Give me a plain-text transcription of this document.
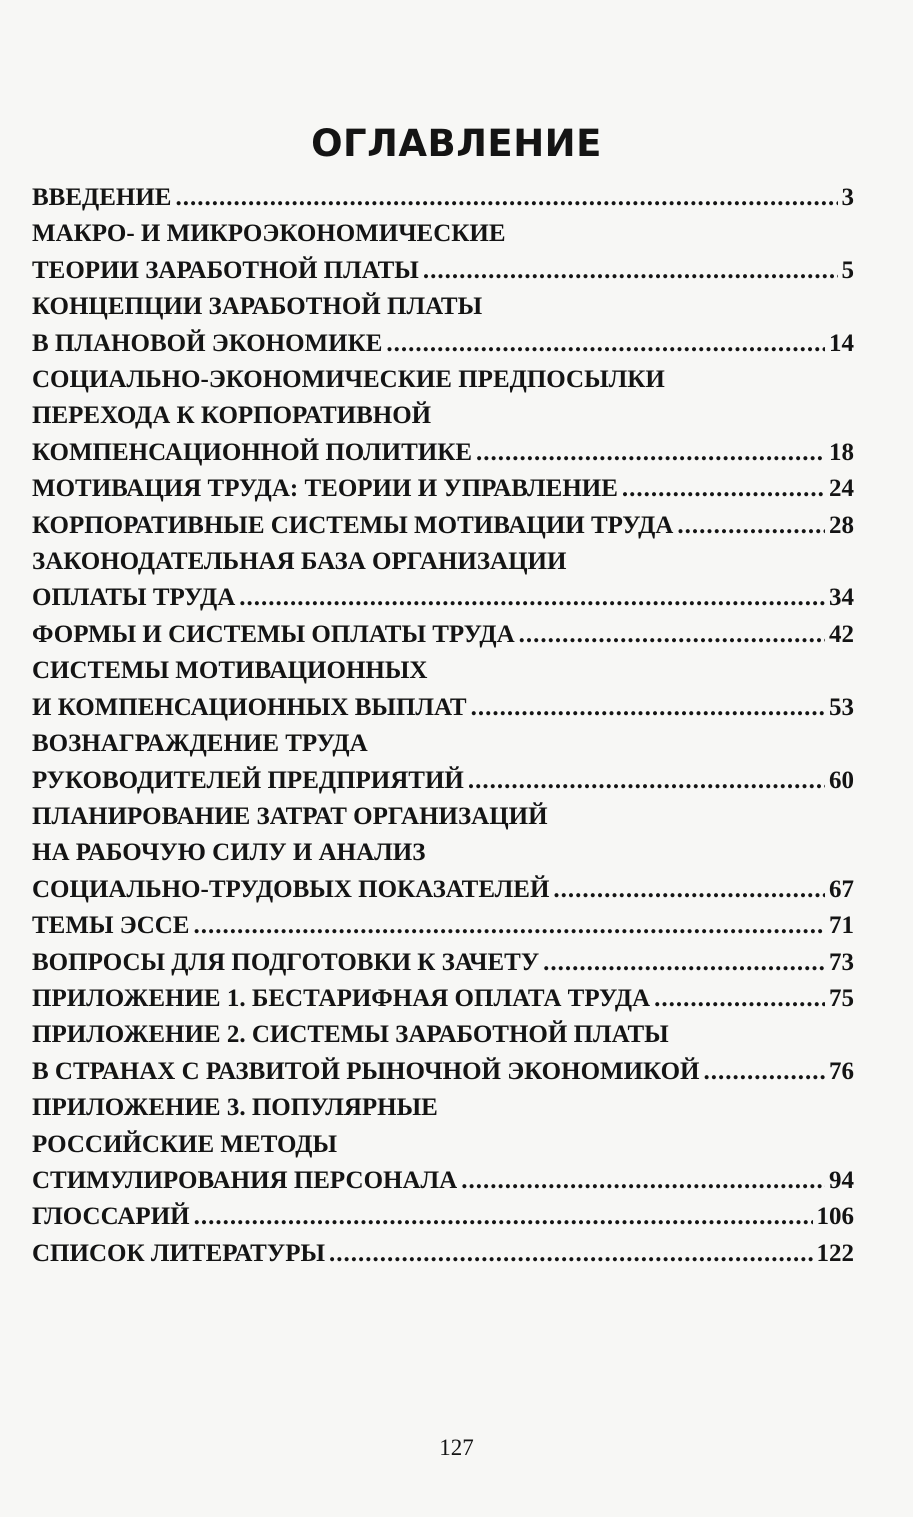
ОГЛАВЛЕНИЕ
ВВЕДЕНИЕ .....	3
МАКРО- И МИКРОЭКОНОМИЧЕСКИЕ
ТЕОРИИ ЗАРАБОТНОЙ ПЛАТЫ .....	5
КОНЦЕПЦИИ ЗАРАБОТНОЙ ПЛАТЫ
В ПЛАНОВОЙ ЭКОНОМИКЕ .....	14
СОЦИАЛЬНО-ЭКОНОМИЧЕСКИЕ ПРЕДПОСЫЛКИ
ПЕРЕХОДА К КОРПОРАТИВНОЙ
КОМПЕНСАЦИОННОЙ ПОЛИТИКЕ .....	18
МОТИВАЦИЯ ТРУДА: ТЕОРИИ И УПРАВЛЕНИЕ .....	24
КОРПОРАТИВНЫЕ СИСТЕМЫ МОТИВАЦИИ ТРУДА .....	28
ЗАКОНОДАТЕЛЬНАЯ БАЗА ОРГАНИЗАЦИИ
ОПЛАТЫ ТРУДА .....	34
ФОРМЫ И СИСТЕМЫ ОПЛАТЫ ТРУДА .....	42
СИСТЕМЫ МОТИВАЦИОННЫХ
И КОМПЕНСАЦИОННЫХ ВЫПЛАТ .....	53
ВОЗНАГРАЖДЕНИЕ ТРУДА
РУКОВОДИТЕЛЕЙ ПРЕДПРИЯТИЙ .....	60
ПЛАНИРОВАНИЕ ЗАТРАТ ОРГАНИЗАЦИЙ
НА РАБОЧУЮ СИЛУ И АНАЛИЗ
СОЦИАЛЬНО-ТРУДОВЫХ ПОКАЗАТЕЛЕЙ .....	67
ТЕМЫ ЭССЕ .....	71
ВОПРОСЫ ДЛЯ ПОДГОТОВКИ К ЗАЧЕТУ .....	73
ПРИЛОЖЕНИЕ 1. БЕСТАРИФНАЯ ОПЛАТА ТРУДА .....	75
ПРИЛОЖЕНИЕ 2. СИСТЕМЫ ЗАРАБОТНОЙ ПЛАТЫ
В СТРАНАХ С РАЗВИТОЙ РЫНОЧНОЙ ЭКОНОМИКОЙ .....	76
ПРИЛОЖЕНИЕ 3. ПОПУЛЯРНЫЕ
РОССИЙСКИЕ МЕТОДЫ
СТИМУЛИРОВАНИЯ ПЕРСОНАЛА .....	94
ГЛОССАРИЙ .....	106
СПИСОК ЛИТЕРАТУРЫ .....	122
127
